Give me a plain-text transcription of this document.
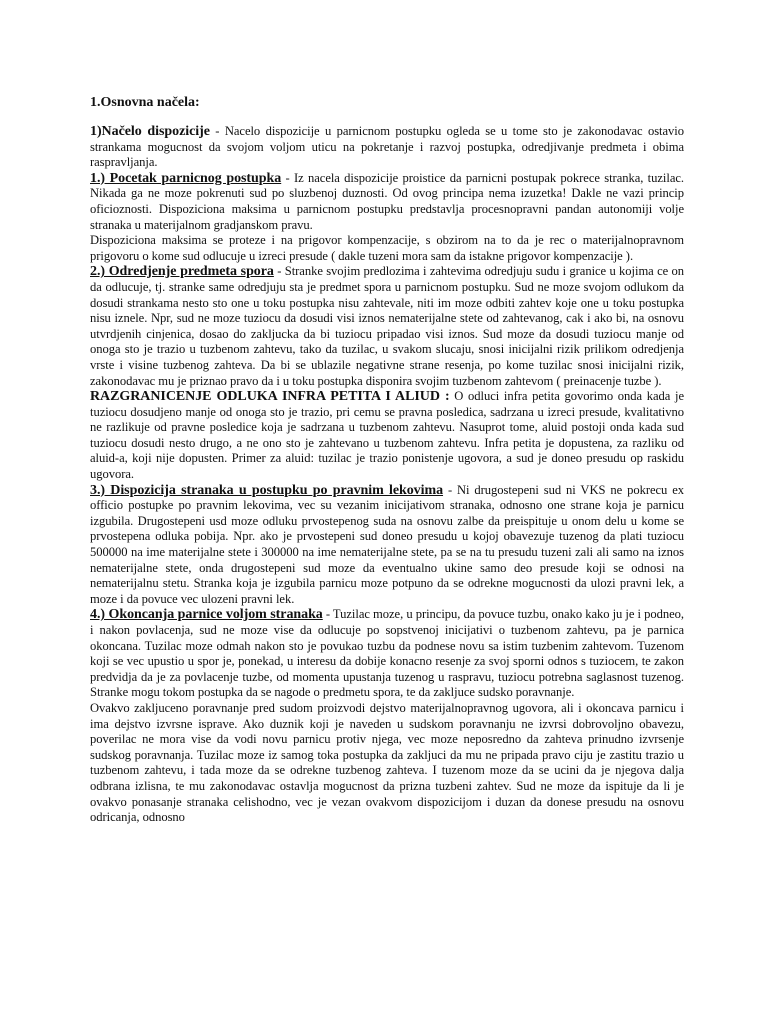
1.Osnovna načela:

1)Načelo dispozicije - Nacelo dispozicije u parnicnom postupku ogleda se u tome sto je zakonodavac ostavio strankama mogucnost da svojom voljom uticu na pokretanje i razvoj postupka, odredjivanje predmeta i obima raspravljanja.

1.) Pocetak parnicnog postupka - Iz nacela dispozicije proistice da parnicni postupak pokrece stranka, tuzilac. Nikada ga ne moze pokrenuti sud po sluzbenoj duznosti. Od ovog principa nema izuzetka! Dakle ne vazi princip oficioznosti. Dispoziciona maksima u parnicnom postupku predstavlja procesnopravni pandan autonomiji volje stranaka u materijalnom gradjanskom pravu.

Dispoziciona maksima se proteze i na prigovor kompenzacije, s obzirom na to da je rec o materijalnopravnom prigovoru o kome sud odlucuje u izreci presude ( dakle tuzeni mora sam da istakne prigovor kompenzacije ).

2.) Odredjenje predmeta spora - Stranke svojim predlozima i zahtevima odredjuju sudu i granice u kojima ce on da odlucuje, tj. stranke same odredjuju sta je predmet spora u parnicnom postupku. Sud ne moze svojom odlukom da dosudi strankama nesto sto one u toku postupka nisu zahtevale, niti im moze odbiti zahtev koje one u toku postupka nisu iznele. Npr, sud ne moze tuziocu da dosudi visi iznos nematerijalne stete od zahtevanog, cak i ako bi, na osnovu utvrdjenih cinjenica, dosao do zakljucka da bi tuziocu pripadao visi iznos. Sud moze da dosudi tuziocu manje od onoga sto je trazio u tuzbenom zahtevu, tako da tuzilac, u svakom slucaju, snosi inicijalni rizik prilikom odredjenja vrste i visine tuzbenog zahteva. Da bi se ublazile negativne strane resenja, po kome tuzilac snosi inicijalni rizik, zakonodavac mu je priznao pravo da i u toku postupka disponira svojim tuzbenom zahtevom ( preinacenje tuzbe ).

RAZGRANICENJE ODLUKA INFRA PETITA I ALIUD : O odluci infra petita govorimo onda kada je tuziocu dosudjeno manje od onoga sto je trazio, pri cemu se pravna posledica, sadrzana u izreci presude, kvalitativno ne razlikuje od pravne posledice koja je sadrzana u tuzbenom zahtevu. Nasuprot tome, aluid postoji onda kada sud tuziocu dosudi nesto drugo, a ne ono sto je zahtevano u tuzbenom zahtevu. Infra petita je dopustena, za razliku od aluid-a, koji nije dopusten. Primer za aluid: tuzilac je trazio ponistenje ugovora, a sud je doneo presudu op raskidu ugovora.

3.) Dispozicija stranaka u postupku po pravnim lekovima - Ni drugostepeni sud ni VKS ne pokrecu ex officio postupke po pravnim lekovima, vec su vezanim inicijativom stranaka, odnosno one strane koja je parnicu izgubila. Drugostepeni usd moze odluku prvostepenog suda na osnovu zalbe da preispituje u onom delu u kome se prvostepena odluka pobija. Npr. ako je prvostepeni sud doneo presudu u kojoj obavezuje tuzenog da plati tuziocu 500000 na ime materijalne stete i 300000 na ime nematerijalne stete, pa se na tu presudu tuzeni zali ali samo na iznos nematerijalne stete, onda drugostepeni sud moze da eventualno ukine samo deo presude koji se odnosi na nematerijalnu stetu. Stranka koja je izgubila parnicu moze potpuno da se odrekne mogucnosti da ulozi pravni lek, a moze i da povuce vec ulozeni pravni lek.

4.) Okoncanja parnice voljom stranaka - Tuzilac moze, u principu, da povuce tuzbu, onako kako ju je i podneo, i nakon povlacenja, sud ne moze vise da odlucuje po sopstvenoj inicijativi o tuzbenom zahtevu, pa je parnica okoncana. Tuzilac moze odmah nakon sto je povukao tuzbu da podnese novu sa istim tuzbenim zahtevom. Tuzenom koji se vec upustio u spor je, ponekad, u interesu da dobije konacno resenje za svoj sporni odnos s tuziocem, te zakon predvidja da je za povlacenje tuzbe, od momenta upustanja tuzenog u raspravu, tuziocu potrebna saglasnost tuzenog. Stranke mogu tokom postupka da se nagode o predmetu spora, te da zakljuce sudsko poravnanje.

Ovakvo zakljuceno poravnanje pred sudom proizvodi dejstvo materijalnopravnog ugovora, ali i okoncava parnicu i ima dejstvo izvrsne isprave. Ako duznik koji je naveden u sudskom poravnanju ne izvrsi dobrovoljno obavezu, poverilac ne mora vise da vodi novu parnicu protiv njega, vec moze neposredno da zahteva prinudno izvrsenje sudskog poravnanja. Tuzilac moze iz samog toka postupka da zakljuci da mu ne pripada pravo ciju je zastitu trazio u tuzbenom zahtevu, i tada moze da se odrekne tuzbenog zahteva. I tuzenom moze da se ucini da je njegova dalja odbrana izlisna, te mu zakonodavac ostavlja mogucnost da prizna tuzbeni zahtev. Sud ne moze da ispituje da li je ovakvo ponasanje stranaka celishodno, vec je vezan ovakvom dispozicijom i duzan da donese presudu na osnovu odricanja, odnosno
